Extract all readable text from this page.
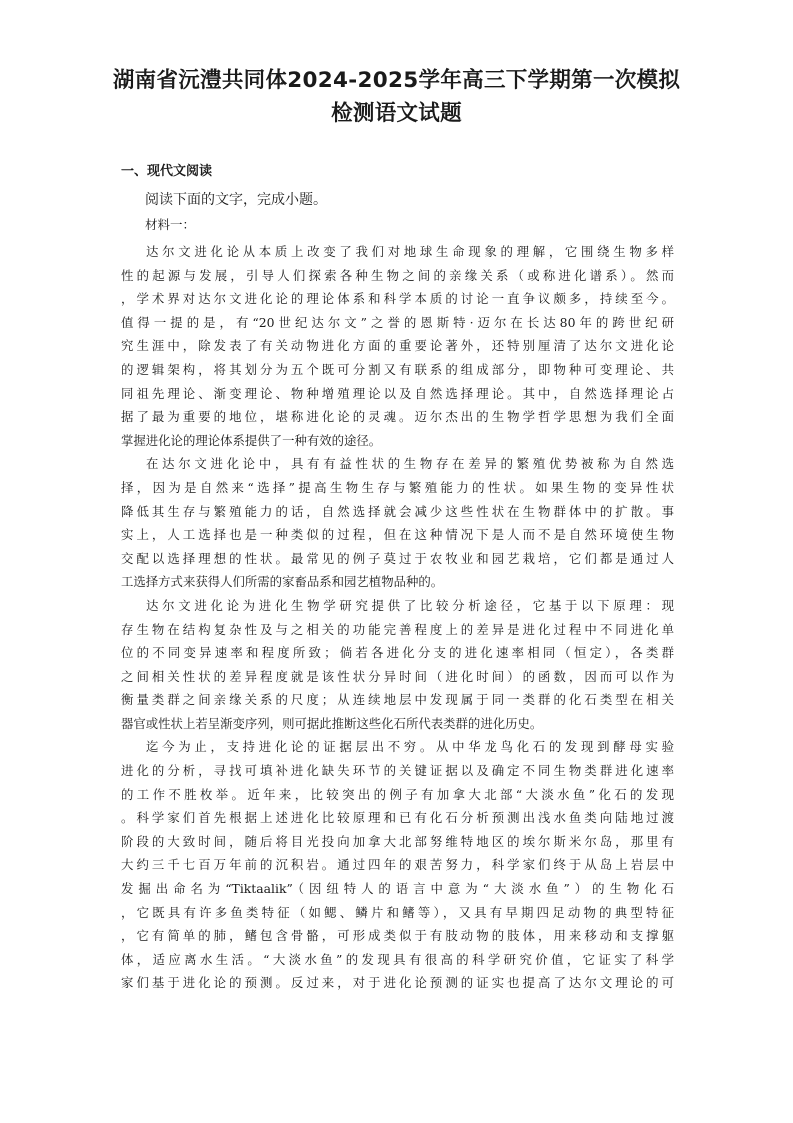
湖南省沅澧共同体2024-2025学年高三下学期第一次模拟
检测语文试题
一、现代文阅读
阅读下面的文字，完成小题。
材料一：
达尔文进化论从本质上改变了我们对地球生命现象的理解，它围绕生物多样
性的起源与发展，引导人们探索各种生物之间的亲缘关系（或称进化谱系）。然而
，学术界对达尔文进化论的理论体系和科学本质的讨论一直争议颇多，持续至今。
值得一提的是，有“20世纪达尔文”之誉的恩斯特·迈尔在长达80年的跨世纪研
究生涯中，除发表了有关动物进化方面的重要论著外，还特别厘清了达尔文进化论
的逻辑架构，将其划分为五个既可分割又有联系的组成部分，即物种可变理论、共
同祖先理论、渐变理论、物种增殖理论以及自然选择理论。其中，自然选择理论占
据了最为重要的地位，堪称进化论的灵魂。迈尔杰出的生物学哲学思想为我们全面
掌握进化论的理论体系提供了一种有效的途径。
在达尔文进化论中，具有有益性状的生物存在差异的繁殖优势被称为自然选
择，因为是自然来“选择”提高生物生存与繁殖能力的性状。如果生物的变异性状
降低其生存与繁殖能力的话，自然选择就会减少这些性状在生物群体中的扩散。事
实上，人工选择也是一种类似的过程，但在这种情况下是人而不是自然环境使生物
交配以选择理想的性状。最常见的例子莫过于农牧业和园艺栽培，它们都是通过人
工选择方式来获得人们所需的家畜品系和园艺植物品种的。
达尔文进化论为进化生物学研究提供了比较分析途径，它基于以下原理：现
存生物在结构复杂性及与之相关的功能完善程度上的差异是进化过程中不同进化单
位的不同变异速率和程度所致；倘若各进化分支的进化速率相同（恒定），各类群
之间相关性状的差异程度就是该性状分异时间（进化时间）的函数，因而可以作为
衡量类群之间亲缘关系的尺度；从连续地层中发现属于同一类群的化石类型在相关
器官或性状上若呈渐变序列，则可据此推断这些化石所代表类群的进化历史。
迄今为止，支持进化论的证据层出不穷。从中华龙鸟化石的发现到酵母实验
进化的分析，寻找可填补进化缺失环节的关键证据以及确定不同生物类群进化速率
的工作不胜枚举。近年来，比较突出的例子有加拿大北部“大淡水鱼”化石的发现
。科学家们首先根据上述进化比较原理和已有化石分析预测出浅水鱼类向陆地过渡
阶段的大致时间，随后将目光投向加拿大北部努维特地区的埃尔斯米尔岛，那里有
大约三千七百万年前的沉积岩。通过四年的艰苦努力，科学家们终于从岛上岩层中
发掘出命名为“Tiktaalik”（因纽特人的语言中意为“大淡水鱼”）的生物化石
，它既具有许多鱼类特征（如鳃、鳞片和鳍等），又具有早期四足动物的典型特征
，它有简单的肺，鳍包含骨骼，可形成类似于有肢动物的肢体，用来移动和支撑躯
体，适应离水生活。“大淡水鱼”的发现具有很高的科学研究价值，它证实了科学
家们基于进化论的预测。反过来，对于进化论预测的证实也提高了达尔文理论的可
